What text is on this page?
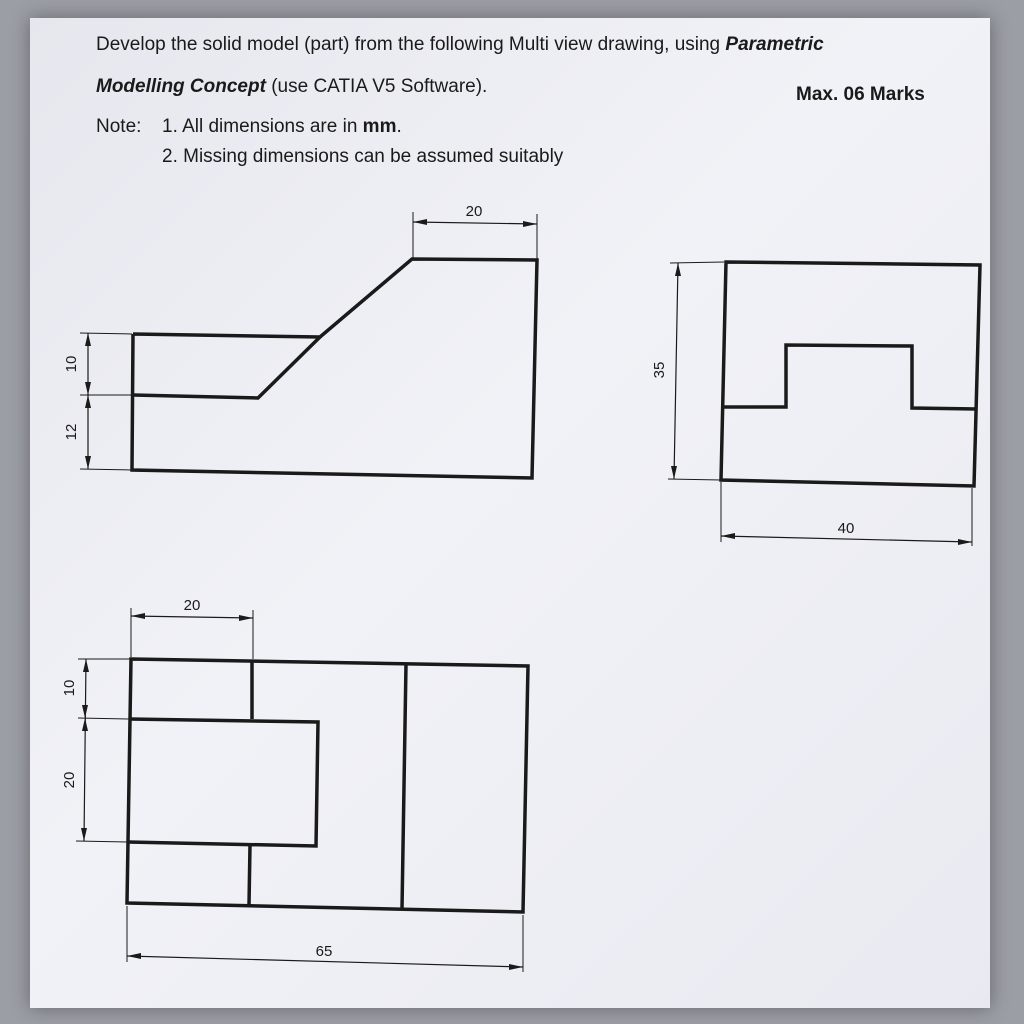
Develop the solid model (part) from the following Multi view drawing, using Parametric
Modelling Concept (use CATIA V5 Software).	Max. 06 Marks
Note: 1. All dimensions are in mm.
2. Missing dimensions can be assumed suitably
20
10
12
35
40
20
10
20
65
